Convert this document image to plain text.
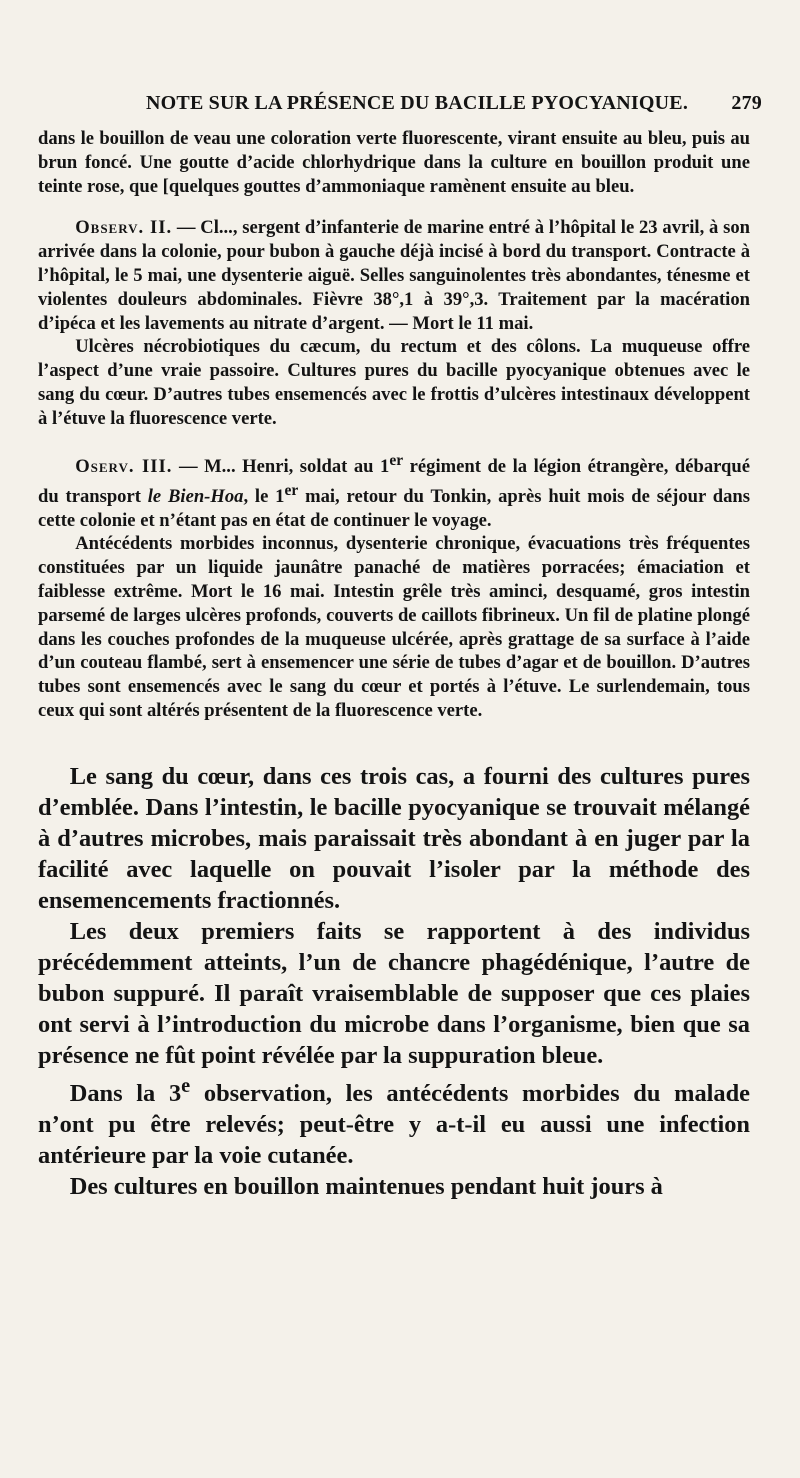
NOTE SUR LA PRÉSENCE DU BACILLE PYOCYANIQUE. 279

dans le bouillon de veau une coloration verte fluorescente, virant ensuite au bleu, puis au brun foncé. Une goutte d’acide chlorhydrique dans la culture en bouillon produit une teinte rose, que [quelques gouttes d’ammoniaque ramènent ensuite au bleu.

Observ. II. — Cl..., sergent d’infanterie de marine entré à l’hôpital le 23 avril, à son arrivée dans la colonie, pour bubon à gauche déjà incisé à bord du transport. Contracte à l’hôpital, le 5 mai, une dysenterie aiguë. Selles sanguinolentes très abondantes, ténesme et violentes douleurs abdominales. Fièvre 38°,1 à 39°,3. Traitement par la macération d’ipéca et les lavements au nitrate d’argent. — Mort le 11 mai.

Ulcères nécrobiotiques du cæcum, du rectum et des côlons. La muqueuse offre l’aspect d’une vraie passoire. Cultures pures du bacille pyocyanique obtenues avec le sang du cœur. D’autres tubes ensemencés avec le frottis d’ulcères intestinaux développent à l’étuve la fluorescence verte.

Oserv. III. — M... Henri, soldat au 1er régiment de la légion étrangère, débarqué du transport le Bien-Hoa, le 1er mai, retour du Tonkin, après huit mois de séjour dans cette colonie et n’étant pas en état de continuer le voyage.

Antécédents morbides inconnus, dysenterie chronique, évacuations très fréquentes constituées par un liquide jaunâtre panaché de matières porracées; émaciation et faiblesse extrême. Mort le 16 mai. Intestin grêle très aminci, desquamé, gros intestin parsemé de larges ulcères profonds, couverts de caillots fibrineux. Un fil de platine plongé dans les couches profondes de la muqueuse ulcérée, après grattage de sa surface à l’aide d’un couteau flambé, sert à ensemencer une série de tubes d’agar et de bouillon. D’autres tubes sont ensemencés avec le sang du cœur et portés à l’étuve. Le surlendemain, tous ceux qui sont altérés présentent de la fluorescence verte.

Le sang du cœur, dans ces trois cas, a fourni des cultures pures d’emblée. Dans l’intestin, le bacille pyocyanique se trouvait mélangé à d’autres microbes, mais paraissait très abondant à en juger par la facilité avec laquelle on pouvait l’isoler par la méthode des ensemencements fractionnés.

Les deux premiers faits se rapportent à des individus précédemment atteints, l’un de chancre phagédénique, l’autre de bubon suppuré. Il paraît vraisemblable de supposer que ces plaies ont servi à l’introduction du microbe dans l’organisme, bien que sa présence ne fût point révélée par la suppuration bleue.

Dans la 3e observation, les antécédents morbides du malade n’ont pu être relevés; peut-être y a-t-il eu aussi une infection antérieure par la voie cutanée.

Des cultures en bouillon maintenues pendant huit jours à
